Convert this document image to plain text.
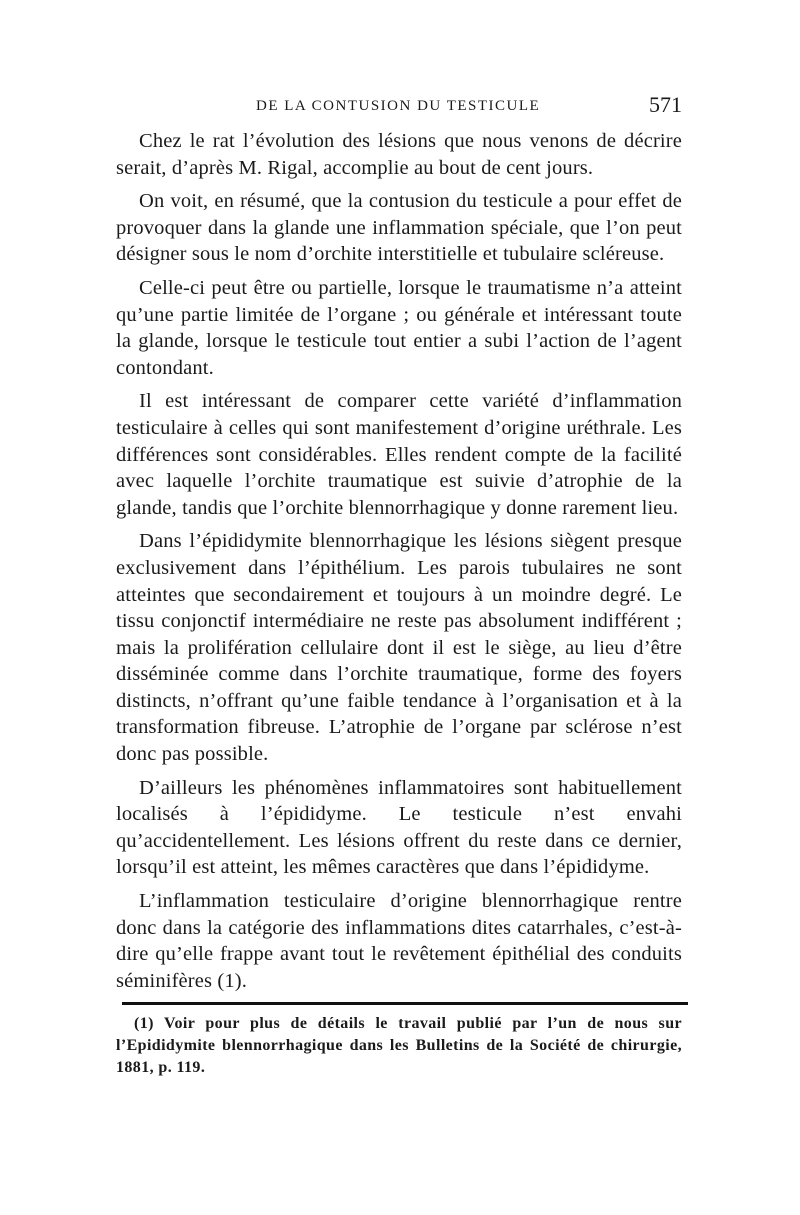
DE LA CONTUSION DU TESTICULE	571

Chez le rat l’évolution des lésions que nous venons de décrire serait, d’après M. Rigal, accomplie au bout de cent jours.

On voit, en résumé, que la contusion du testicule a pour effet de provoquer dans la glande une inflammation spéciale, que l’on peut désigner sous le nom d’orchite interstitielle et tubulaire scléreuse.

Celle-ci peut être ou partielle, lorsque le traumatisme n’a atteint qu’une partie limitée de l’organe ; ou générale et intéressant toute la glande, lorsque le testicule tout entier a subi l’action de l’agent contondant.

Il est intéressant de comparer cette variété d’inflammation testiculaire à celles qui sont manifestement d’origine uréthrale. Les différences sont considérables. Elles rendent compte de la facilité avec laquelle l’orchite traumatique est suivie d’atrophie de la glande, tandis que l’orchite blennorrhagique y donne rarement lieu.

Dans l’épididymite blennorrhagique les lésions siègent presque exclusivement dans l’épithélium. Les parois tubulaires ne sont atteintes que secondairement et toujours à un moindre degré. Le tissu conjonctif intermédiaire ne reste pas absolument indifférent ; mais la prolifération cellulaire dont il est le siège, au lieu d’être disséminée comme dans l’orchite traumatique, forme des foyers distincts, n’offrant qu’une faible tendance à l’organisation et à la transformation fibreuse. L’atrophie de l’organe par sclérose n’est donc pas possible.

D’ailleurs les phénomènes inflammatoires sont habituellement localisés à l’épididyme. Le testicule n’est envahi qu’accidentellement. Les lésions offrent du reste dans ce dernier, lorsqu’il est atteint, les mêmes caractères que dans l’épididyme.

L’inflammation testiculaire d’origine blennorrhagique rentre donc dans la catégorie des inflammations dites catarrhales, c’est-à-dire qu’elle frappe avant tout le revêtement épithélial des conduits séminifères (1).

(1) Voir pour plus de détails le travail publié par l’un de nous sur l’Epididymite blennorrhagique dans les Bulletins de la Société de chirurgie, 1881, p. 119.
